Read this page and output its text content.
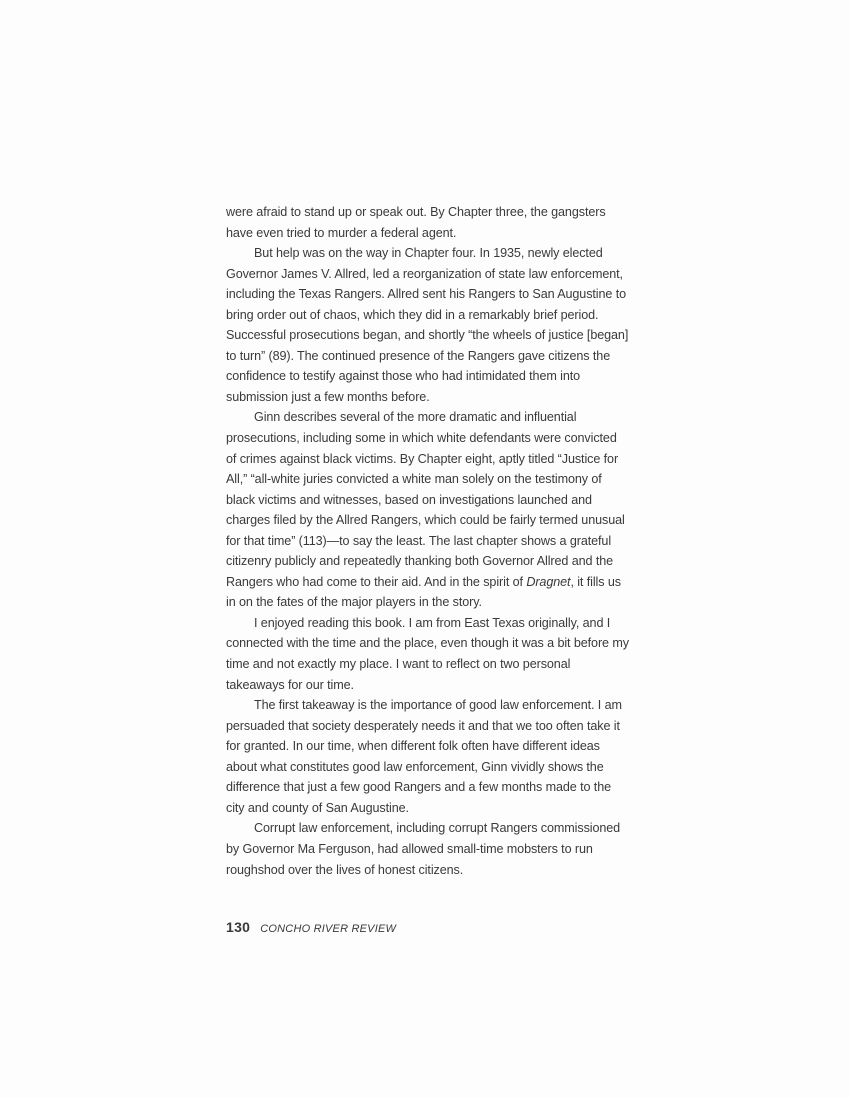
were afraid to stand up or speak out. By Chapter three, the gangsters have even tried to murder a federal agent.

But help was on the way in Chapter four. In 1935, newly elected Governor James V. Allred, led a reorganization of state law enforcement, including the Texas Rangers. Allred sent his Rangers to San Augustine to bring order out of chaos, which they did in a remarkably brief period. Successful prosecutions began, and shortly “the wheels of justice [began] to turn” (89). The continued presence of the Rangers gave citizens the confidence to testify against those who had intimidated them into submission just a few months before.

Ginn describes several of the more dramatic and influential prosecutions, including some in which white defendants were convicted of crimes against black victims. By Chapter eight, aptly titled “Justice for All,” “all-white juries convicted a white man solely on the testimony of black victims and witnesses, based on investigations launched and charges filed by the Allred Rangers, which could be fairly termed unusual for that time” (113)—to say the least. The last chapter shows a grateful citizenry publicly and repeatedly thanking both Governor Allred and the Rangers who had come to their aid. And in the spirit of Dragnet, it fills us in on the fates of the major players in the story.

I enjoyed reading this book. I am from East Texas originally, and I connected with the time and the place, even though it was a bit before my time and not exactly my place. I want to reflect on two personal takeaways for our time.

The first takeaway is the importance of good law enforcement. I am persuaded that society desperately needs it and that we too often take it for granted. In our time, when different folk often have different ideas about what constitutes good law enforcement, Ginn vividly shows the difference that just a few good Rangers and a few months made to the city and county of San Augustine.

Corrupt law enforcement, including corrupt Rangers commissioned by Governor Ma Ferguson, had allowed small-time mobsters to run roughshod over the lives of honest citizens.

130 CONCHO RIVER REVIEW
